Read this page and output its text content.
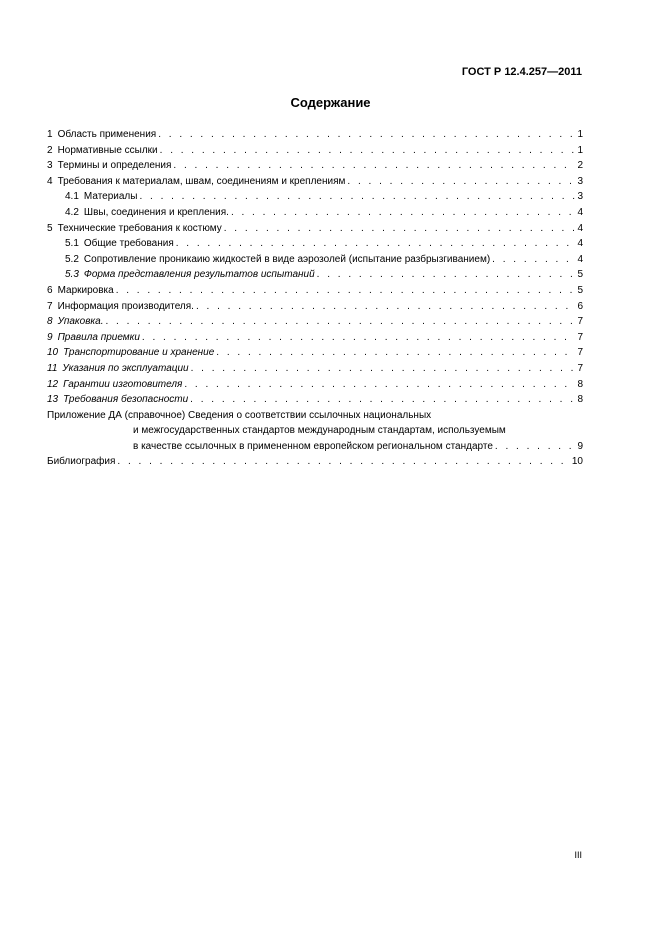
ГОСТ Р 12.4.257—2011
Содержание
1 Область применения . . .	1
2 Нормативные ссылки . . .	1
3 Термины и определения . . .	2
4 Требования к материалам, швам, соединениям и креплениям . . .	3
4.1 Материалы . . .	3
4.2 Швы, соединения и крепления. . . .	4
5 Технические требования к костюму . . .	4
5.1 Общие требования . . .	4
5.2 Сопротивление проникаию жидкостей в виде аэрозолей (испытание разбрызгиванием) . . .	4
5.3 Форма представления результатов испытаний . . .	5
6 Маркировка . . .	5
7 Информация производителя. . . .	6
8 Упаковка. . . .	7
9 Правила приемки . . .	7
10 Транспортирование и хранение . . .	7
11 Указания по эксплуатации . . .	7
12 Гарантии изготовителя . . .	8
13 Требования безопасности . . .	8
Приложение ДА (справочное) Сведения о соответствии ссылочных национальных
и межгосударственных стандартов международным стандартам, используемым
в качестве ссылочных в примененном европейском региональном стандарте . . .	9
Библиография . . .	10
III
